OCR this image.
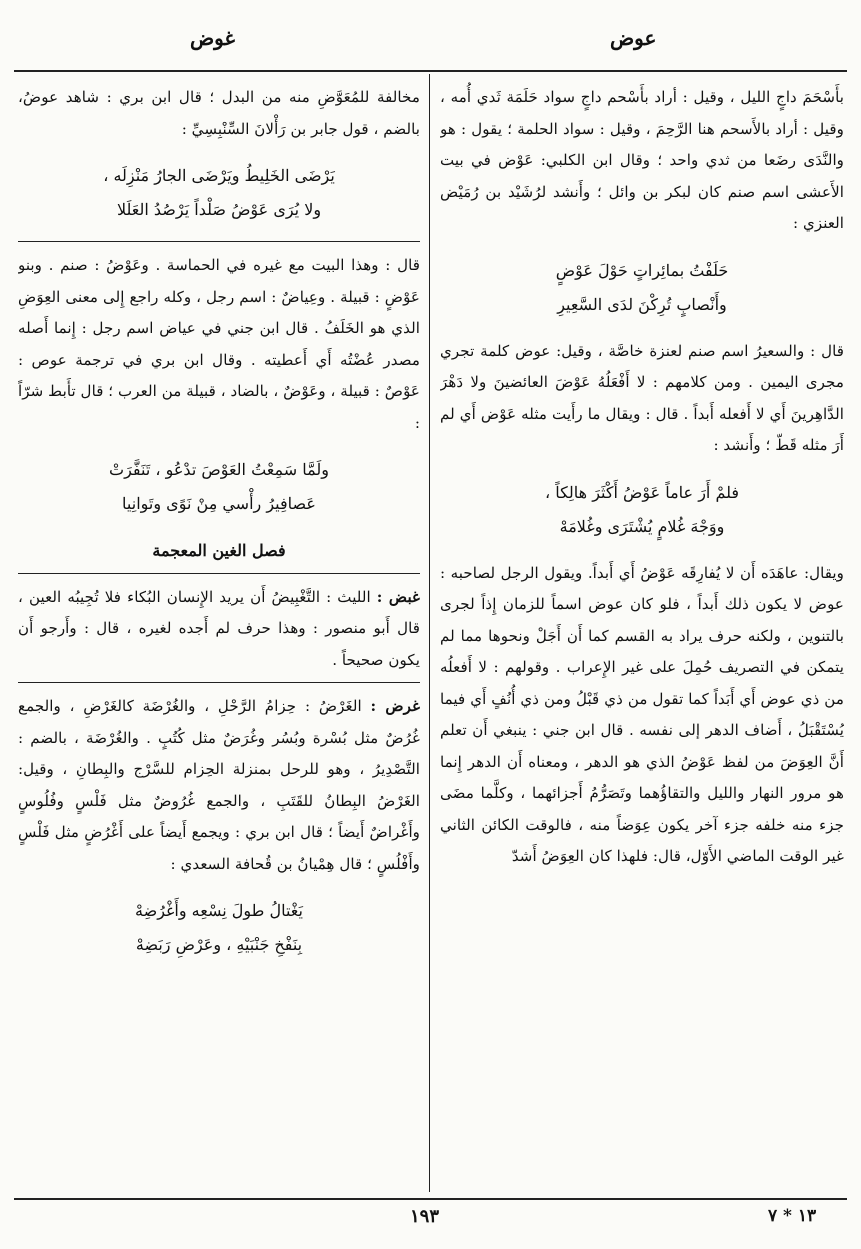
غوض	عوض

بأَسْحَمَ داجٍ الليل ، وقيل : أراد بأَسْحم داجٍ سواد حَلَمَة ثَدي أُمه ، وقيل : أراد بالأَسحم هنا الرَّحِمَ ، وقيل : سواد الحلمة ؛ يقول : هو والنَّدَى رضَعا من ثدي واحد ؛ وقال ابن الكلبي: عَوْض في بيت الأَعشى اسم صنم كان لبكر بن وائل ؛ وأَنشد لرُشَيْد بن رُمَيْض العنزي :

حَلَفْتُ بمائِراتٍ حَوْلَ عَوْضٍ
وأَنْصابٍ تُرِكْنَ لدَى السَّعِيرِ

قال : والسعيرُ اسم صنم لعنزة خاصَّة ، وقيل: عوض كلمة تجري مجرى اليمين . ومن كلامهم : لا أَفْعَلُهُ عَوْضَ العائضينَ ولا دَهْرَ الدَّاهِرينَ أَي لا أَفعله أَبداً . قال : ويقال ما رأَيت مثله عَوْض أَي لم أَرَ مثله قَطّ ؛ وأَنشد :

فلمْ أَرَ عاماً عَوْضُ أَكْثَرَ هالِكاً ،
ووَجْهَ غُلامٍ يُشْتَرَى وغُلامَهْ

ويقال: عاهَدَه أَن لا يُفارِقَه عَوْضُ أَي أَبداً. ويقول الرجل لصاحبه : عوض لا يكون ذلك أَبداً ، فلو كان عوض اسماً للزمان إِذاً لجرى بالتنوين ، ولكنه حرف يراد به القسم كما أَن أَجَلْ ونحوها مما لم يتمكن في التصريف حُمِلَ على غير الإِعراب . وقولهم : لا أَفعلُه من ذي عوض أَي أَبَداً كما تقول من ذي قَبْلُ ومن ذي أُنُفٍ أَي فيما يُسْتَقْبَلُ ، أَضاف الدهر إلى نفسه . قال ابن جني : ينبغي أَن تعلم أَنَّ العِوَضَ من لفظ عَوْضُ الذي هو الدهر ، ومعناه أَن الدهر إِنما هو مرور النهار والليل والتقاؤُهما وتَصَرُّمُ أَجزائهما ، وكلَّما مضَى جزء منه خلفه جزء آخر يكون عِوَضاً منه ، فالوقت الكائن الثاني غير الوقت الماضي الأَوّل، قال: فلهذا كان العِوَضُ أَشدّ

مخالفة للمُعَوَّضِ منه من البدل ؛ قال ابن بري : شاهد عوضُ، بالضم ، قول جابر بن رَأْلانَ السِّنْبِسِيِّ :

يَرْضَى الخَلِيطُ ويَرْضَى الجارُ مَنْزِلَه ،
ولا يُرَى عَوْضُ صَلْداً يَرْصُدُ العَلَلا

قال : وهذا البيت مع غيره في الحماسة . وعَوْضُ : صنم . وبنو عَوْضٍ : قبيلة . وعِياضٌ : اسم رجل ، وكله راجع إِلى معنى العِوَضِ الذي هو الخَلَفُ . قال ابن جني في عياض اسم رجل : إِنما أَصله مصدر عُضْتُه أَي أَعطيته . وقال ابن بري في ترجمة عوص : عَوْصٌ : قبيلة ، وعَوْضٌ ، بالضاد ، قبيلة من العرب ؛ قال تأَبط شرّاً :

ولَمَّا سَمِعْتُ العَوْصَ تدْعُو ، تَنَفَّرَتْ
عَصافِيرُ رأْسي مِنْ نَوًى وتَوانِيا
فصل الغين المعجمة

غبض : الليث : التَّغْبِيضُ أَن يريد الإِنسان البُكاء فلا تُجِيبُه العين ، قال أَبو منصور : وهذا حرف لم أَجده لغيره ، قال : وأَرجو أَن يكون صحيحاً .

غرض : الغَرْضُ : حِزامُ الرَّحْلِ ، والغُرْضَة كالغَرْضِ ، والجمع غُرُضٌ مثل بُسْرة وبُسُر وغُرَضٌ مثل كُتُبٍ . والغُرْضَة ، بالضم : التَّصْدِيرُ ، وهو للرحل بمنزلة الحِزام للسَّرْج والبِطانِ ، وقيل: الغَرْضُ البِطانُ للقَتَبِ ، والجمع غُرُوضٌ مثل فَلْسٍ وفُلُوسٍ وأَغْراضٌ أَيضاً ؛ قال ابن بري : ويجمع أَيضاً على أَغْرُضٍ مثل فَلْسٍ وأَفْلُسٍ ؛ قال هِمْيانُ بن قُحافة السعدي :

يَغْتالُ طولَ نِسْعِه وأَغْرُضِهْ
بِنَفْخِ جَنْبَيْهِ ، وعَرْضِ رَبَضِهْ
١٩٣	١٣ * ٧
